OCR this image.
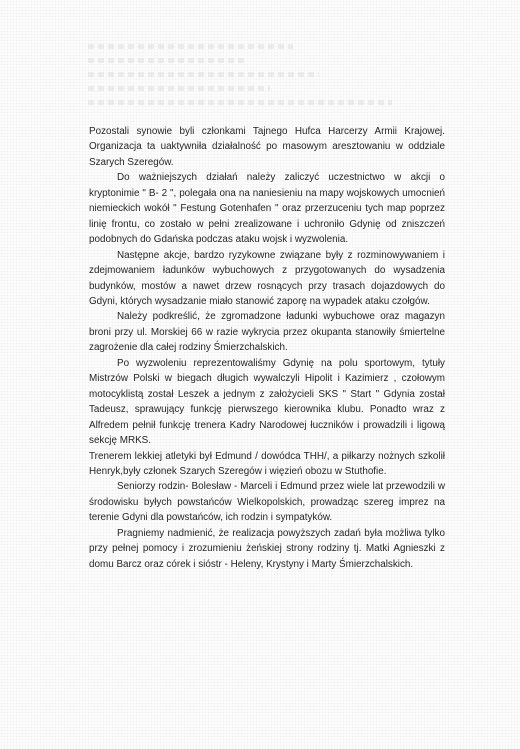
Pozostali synowie byli członkami Tajnego Hufca Harcerzy Armii Krajowej. Organizacja ta uaktywniła działalność po masowym aresztowaniu w oddziale Szarych Szeregów.

Do ważniejszych działań należy zaliczyć uczestnictwo w akcji o kryptonimie " B- 2 ", polegała ona na naniesieniu na mapy wojskowych umocnień niemieckich wokół " Festung Gotenhafen " oraz przerzuceniu tych map poprzez linię frontu, co zostało w pełni zrealizowane i uchroniło Gdynię od zniszczeń podobnych do Gdańska podczas ataku wojsk i wyzwolenia.

Następne akcje, bardzo ryzykowne związane były z rozminowywaniem i zdejmowaniem ładunków wybuchowych z przygotowanych do wysadzenia budynków, mostów a nawet drzew rosnących przy trasach dojazdowych do Gdyni, których wysadzanie miało stanowić zaporę na wypadek ataku czołgów.

Należy podkreślić, że zgromadzone ładunki wybuchowe oraz magazyn broni przy ul. Morskiej 66 w razie wykrycia przez okupanta stanowiły śmiertelne zagrożenie dla całej rodziny Śmierzchalskich.

Po wyzwoleniu reprezentowaliśmy Gdynię na polu sportowym, tytuły Mistrzów Polski w biegach długich wywalczyli Hipolit i Kazimierz , czołowym motocyklistą został Leszek a jednym z założycieli SKS " Start " Gdynia został Tadeusz, sprawujący funkcję pierwszego kierownika klubu. Ponadto wraz z Alfredem pełnił funkcję trenera Kadry Narodowej łuczników i prowadzili i ligową sekcję MRKS.

Trenerem lekkiej atletyki był Edmund / dowódca THH/, a piłkarzy nożnych szkolił Henryk,były członek Szarych Szeregów i więzień obozu w Stuthofie.

Seniorzy rodzin- Bolesław - Marceli i Edmund przez wiele lat przewodzili w środowisku byłych powstańców Wielkopolskich, prowadząc szereg imprez na terenie Gdyni dla powstańców, ich rodzin i sympatyków.

Pragniemy nadmienić, że realizacja powyższych zadań była możliwa tylko przy pełnej pomocy i zrozumieniu żeńskiej strony rodziny tj. Matki Agnieszki z domu Barcz oraz córek i sióstr - Heleny, Krystyny i Marty Śmierzchalskich.
